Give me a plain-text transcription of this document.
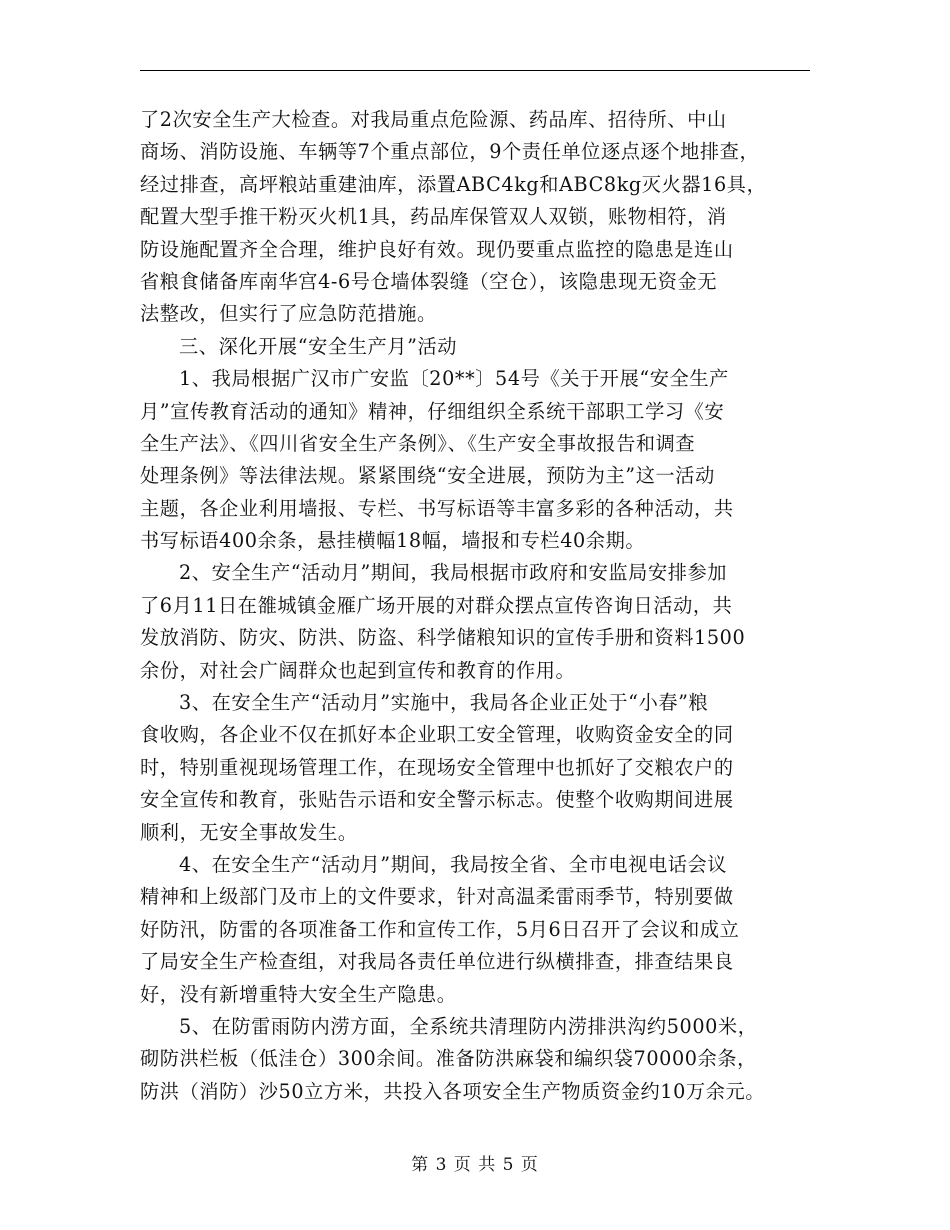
了2次安全生产大检查。对我局重点危险源、药品库、招待所、中山
商场、消防设施、车辆等7个重点部位，9个责任单位逐点逐个地排查，
经过排查，高坪粮站重建油库，添置ABC4kg和ABC8kg灭火器16具，
配置大型手推干粉灭火机1具，药品库保管双人双锁，账物相符，消
防设施配置齐全合理，维护良好有效。现仍要重点监控的隐患是连山
省粮食储备库南华宫4-6号仓墙体裂缝（空仓），该隐患现无资金无
法整改，但实行了应急防范措施。
三、深化开展“安全生产月”活动
1、我局根据广汉市广安监〔20**〕54号《关于开展“安全生产
月”宣传教育活动的通知》精神，仔细组织全系统干部职工学习《安
全生产法》、《四川省安全生产条例》、《生产安全事故报告和调查
处理条例》等法律法规。紧紧围绕“安全进展，预防为主”这一活动
主题，各企业利用墙报、专栏、书写标语等丰富多彩的各种活动，共
书写标语400余条，悬挂横幅18幅，墙报和专栏40余期。
2、安全生产“活动月”期间，我局根据市政府和安监局安排参加
了6月11日在雒城镇金雁广场开展的对群众摆点宣传咨询日活动，共
发放消防、防灾、防洪、防盗、科学储粮知识的宣传手册和资料1500
余份，对社会广阔群众也起到宣传和教育的作用。
3、在安全生产“活动月”实施中，我局各企业正处于“小春”粮
食收购，各企业不仅在抓好本企业职工安全管理，收购资金安全的同
时，特别重视现场管理工作，在现场安全管理中也抓好了交粮农户的
安全宣传和教育，张贴告示语和安全警示标志。使整个收购期间进展
顺利，无安全事故发生。
4、在安全生产“活动月”期间，我局按全省、全市电视电话会议
精神和上级部门及市上的文件要求，针对高温柔雷雨季节，特别要做
好防汛，防雷的各项准备工作和宣传工作，5月6日召开了会议和成立
了局安全生产检查组，对我局各责任单位进行纵横排查，排查结果良
好，没有新增重特大安全生产隐患。
5、在防雷雨防内涝方面，全系统共清理防内涝排洪沟约5000米，
砌防洪栏板（低洼仓）300余间。准备防洪麻袋和编织袋70000余条，
防洪（消防）沙50立方米，共投入各项安全生产物质资金约10万余元。
第 3 页 共 5 页
